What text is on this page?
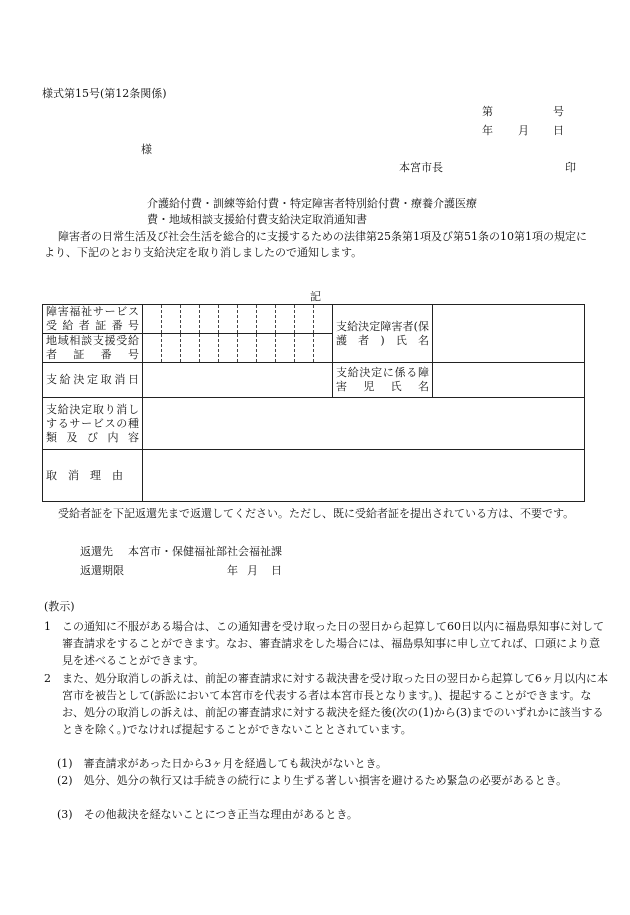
様式第15号(第12条関係)
第	号
年 月 日
様
本宮市長	印
介護給付費・訓練等給付費・特定障害者特別給付費・療養介護医療
費・地域相談支援給付費支給決定取消通知書
障害者の日常生活及び社会生活を総合的に支援するための法律第25条第1項及び第51条の10第1項の規定により、下記のとおり支給決定を取り消しましたので通知します。
記
障害福祉サービス受給者証番号		支給決定障害者(保護者)氏名	

地域相談支援受給者証番号			

支給決定取消日		支給決定に係る障害児氏名	

支給決定取り消しするサービスの種類及び内容			

取　消　理　由			

受給者証を下記返還先まで返還してください。ただし、既に受給者証を提出されている方は、不要です。
返還先 本宮市・保健福祉部社会福祉課
返還期限	年 月 日
(教示)
1　この通知に不服がある場合は、この通知書を受け取った日の翌日から起算して60日以内に福島県知事に対して審査請求をすることができます。なお、審査請求をした場合には、福島県知事に申し立てれば、口頭により意見を述べることができます。
2　また、処分取消しの訴えは、前記の審査請求に対する裁決書を受け取った日の翌日から起算して6ヶ月以内に本宮市を被告として(訴訟において本宮市を代表する者は本宮市長となります。)、提起することができます。なお、処分の取消しの訴えは、前記の審査請求に対する裁決を経た後(次の(1)から(3)までのいずれかに該当するときを除く。)でなければ提起することができないこととされています。
(1)　審査請求があった日から3ヶ月を経過しても裁決がないとき。
(2)　処分、処分の執行又は手続きの続行により生ずる著しい損害を避けるため緊急の必要があるとき。
(3)　その他裁決を経ないことにつき正当な理由があるとき。
